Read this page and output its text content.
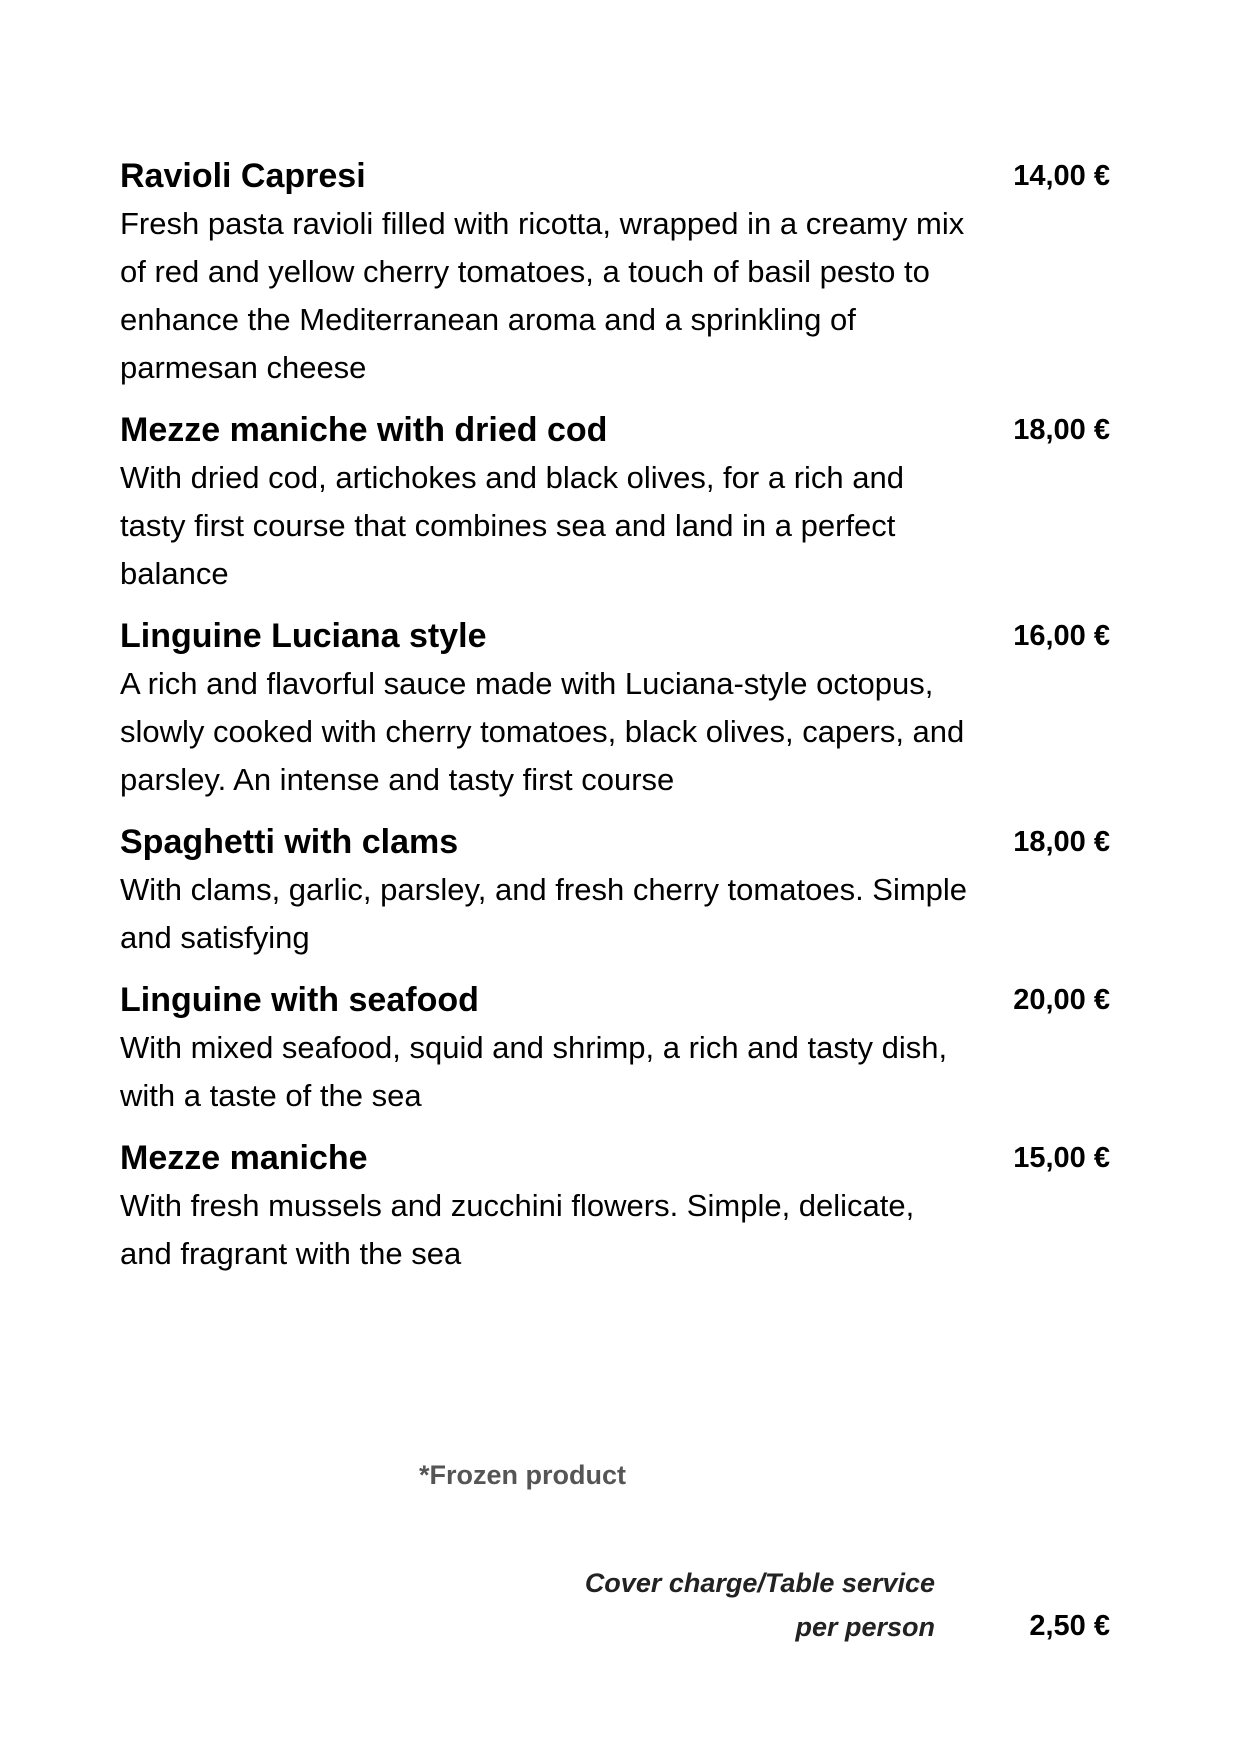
Ravioli Capresi	14,00 €
Fresh pasta ravioli filled with ricotta, wrapped in a creamy mix of red and yellow cherry tomatoes, a touch of basil pesto to enhance the Mediterranean aroma and a sprinkling of parmesan cheese
Mezze maniche with dried cod	18,00 €
With dried cod, artichokes and black olives, for a rich and tasty first course that combines sea and land in a perfect balance
Linguine Luciana style	16,00 €
A rich and flavorful sauce made with Luciana-style octopus, slowly cooked with cherry tomatoes, black olives, capers, and parsley. An intense and tasty first course
Spaghetti with clams	18,00 €
With clams, garlic, parsley, and fresh cherry tomatoes. Simple and satisfying
Linguine with seafood	20,00 €
With mixed seafood, squid and shrimp, a rich and tasty dish, with a taste of the sea
Mezze maniche	15,00 €
With fresh mussels and zucchini flowers. Simple, delicate, and fragrant with the sea
*Frozen product
Cover charge/Table service
per person	2,50 €
